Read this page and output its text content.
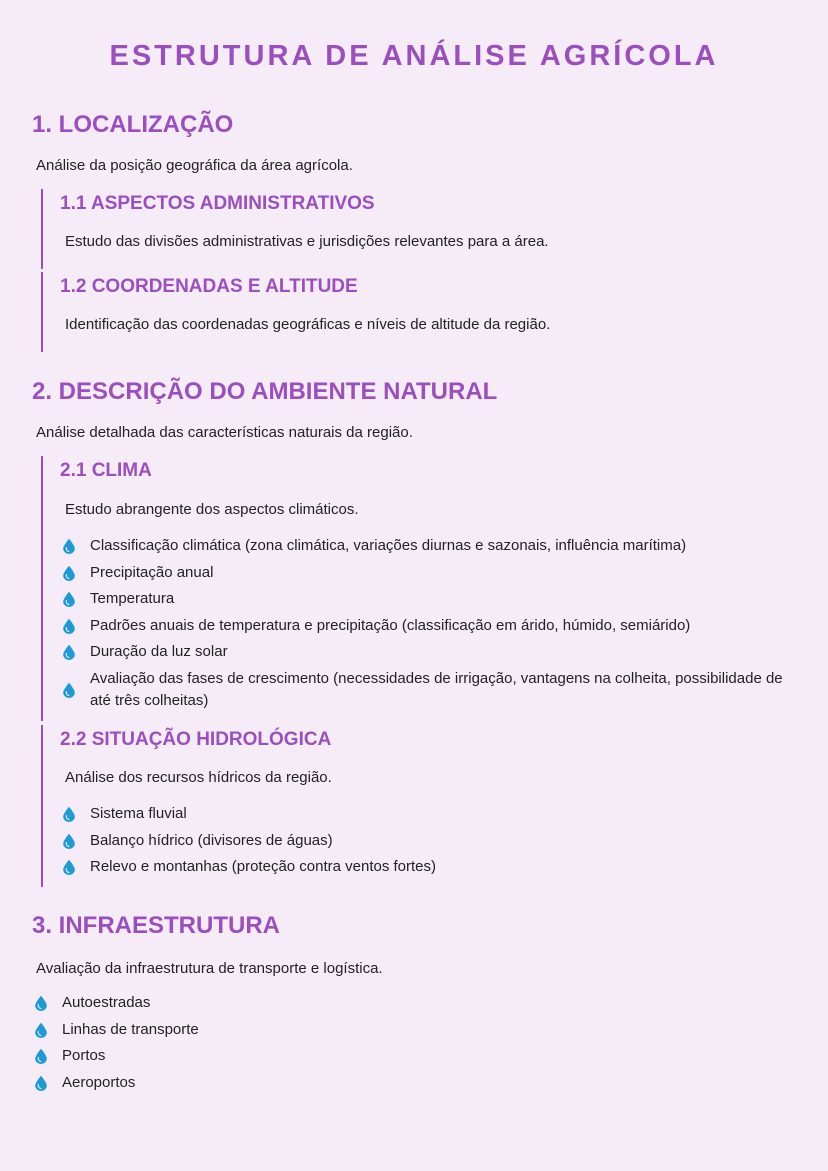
ESTRUTURA DE ANÁLISE AGRÍCOLA
1. LOCALIZAÇÃO
Análise da posição geográfica da área agrícola.
1.1 ASPECTOS ADMINISTRATIVOS
Estudo das divisões administrativas e jurisdições relevantes para a área.
1.2 COORDENADAS E ALTITUDE
Identificação das coordenadas geográficas e níveis de altitude da região.
2. DESCRIÇÃO DO AMBIENTE NATURAL
Análise detalhada das características naturais da região.
2.1 CLIMA
Estudo abrangente dos aspectos climáticos.
Classificação climática (zona climática, variações diurnas e sazonais, influência marítima)
Precipitação anual
Temperatura
Padrões anuais de temperatura e precipitação (classificação em árido, húmido, semiárido)
Duração da luz solar
Avaliação das fases de crescimento (necessidades de irrigação, vantagens na colheita, possibilidade de até três colheitas)
2.2 SITUAÇÃO HIDROLÓGICA
Análise dos recursos hídricos da região.
Sistema fluvial
Balanço hídrico (divisores de águas)
Relevo e montanhas (proteção contra ventos fortes)
3. INFRAESTRUTURA
Avaliação da infraestrutura de transporte e logística.
Autoestradas
Linhas de transporte
Portos
Aeroportos
